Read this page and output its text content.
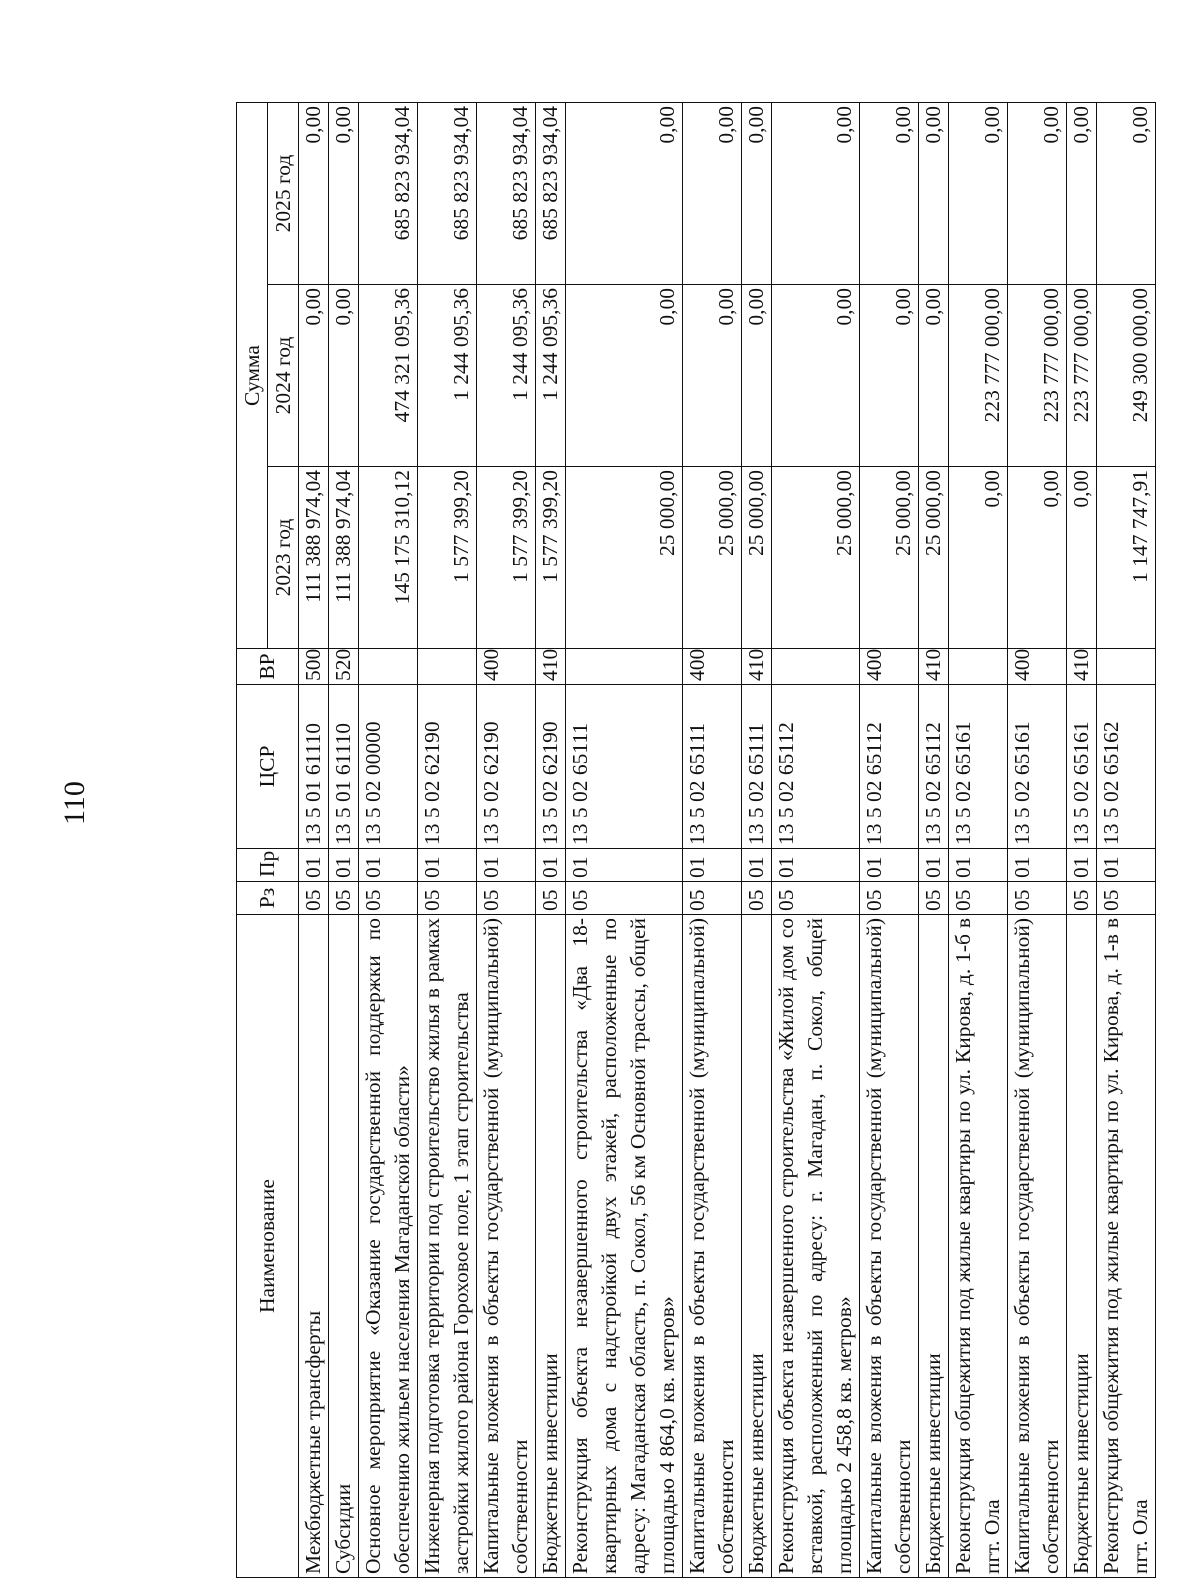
110
Наименование	Рз	Пр	ЦСР	ВР	Сумма		
					2023 год	2024 год	2025 год
Межбюджетные трансферты	05	01	13 5 01 61110	500	111 388 974,04	0,00	0,00
Субсидии	05	01	13 5 01 61110	520	111 388 974,04	0,00	0,00
Основное мероприятие «Оказание государственной поддержки по обеспечению жильем населения Магаданской области»	05	01	13 5 02 00000		145 175 310,12	474 321 095,36	685 823 934,04
Инженерная подготовка территории под строительство жилья в рамках застройки жилого района Гороховое поле, 1 этап строительства	05	01	13 5 02 62190		1 577 399,20	1 244 095,36	685 823 934,04
Капитальные вложения в объекты государственной (муниципальной) собственности	05	01	13 5 02 62190	400	1 577 399,20	1 244 095,36	685 823 934,04
Бюджетные инвестиции	05	01	13 5 02 62190	410	1 577 399,20	1 244 095,36	685 823 934,04
Реконструкция объекта незавершенного строительства «Два 18-квартирных дома с надстройкой двух этажей, расположенные по адресу: Магаданская область, п. Сокол, 56 км Основной трассы, общей площадью 4 864,0 кв. метров»	05	01	13 5 02 65111		25 000,00	0,00	0,00
Капитальные вложения в объекты государственной (муниципальной) собственности	05	01	13 5 02 65111	400	25 000,00	0,00	0,00
Бюджетные инвестиции	05	01	13 5 02 65111	410	25 000,00	0,00	0,00
Реконструкция объекта незавершенного строительства «Жилой дом со вставкой, расположенный по адресу: г. Магадан, п. Сокол, общей площадью 2 458,8 кв. метров»	05	01	13 5 02 65112		25 000,00	0,00	0,00
Капитальные вложения в объекты государственной (муниципальной) собственности	05	01	13 5 02 65112	400	25 000,00	0,00	0,00
Бюджетные инвестиции	05	01	13 5 02 65112	410	25 000,00	0,00	0,00
Реконструкция общежития под жилые квартиры по ул. Кирова, д. 1-б в пгт. Ола	05	01	13 5 02 65161		0,00	223 777 000,00	0,00
Капитальные вложения в объекты государственной (муниципальной) собственности	05	01	13 5 02 65161	400	0,00	223 777 000,00	0,00
Бюджетные инвестиции	05	01	13 5 02 65161	410	0,00	223 777 000,00	0,00
Реконструкция общежития под жилые квартиры по ул. Кирова, д. 1-в в пгт. Ола	05	01	13 5 02 65162		1 147 747,91	249 300 000,00	0,00
